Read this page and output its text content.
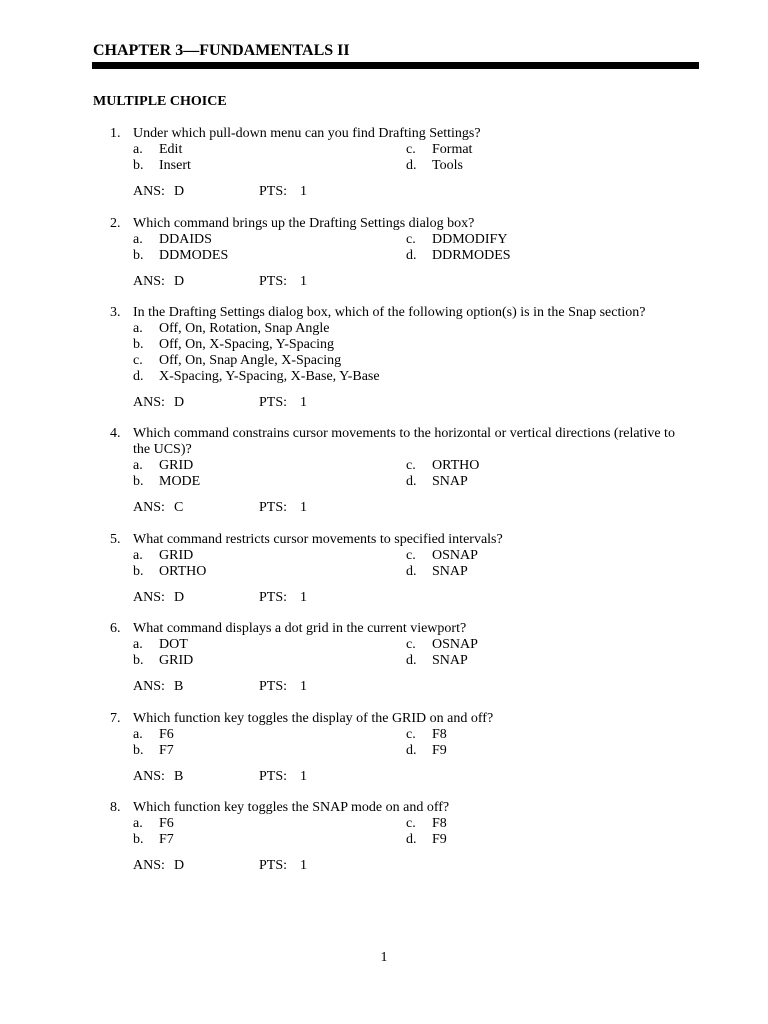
CHAPTER 3—FUNDAMENTALS II
MULTIPLE CHOICE
1. Under which pull-down menu can you find Drafting Settings?
a. Edit
b. Insert
c. Format
d. Tools
ANS: D	PTS: 1
2. Which command brings up the Drafting Settings dialog box?
a. DDAIDS
b. DDMODES
c. DDMODIFY
d. DDRMODES
ANS: D	PTS: 1
3. In the Drafting Settings dialog box, which of the following option(s) is in the Snap section?
a. Off, On, Rotation, Snap Angle
b. Off, On, X-Spacing, Y-Spacing
c. Off, On, Snap Angle, X-Spacing
d. X-Spacing, Y-Spacing, X-Base, Y-Base
ANS: D	PTS: 1
4. Which command constrains cursor movements to the horizontal or vertical directions (relative to the UCS)?
a. GRID
b. MODE
c. ORTHO
d. SNAP
ANS: C	PTS: 1
5. What command restricts cursor movements to specified intervals?
a. GRID
b. ORTHO
c. OSNAP
d. SNAP
ANS: D	PTS: 1
6. What command displays a dot grid in the current viewport?
a. DOT
b. GRID
c. OSNAP
d. SNAP
ANS: B	PTS: 1
7. Which function key toggles the display of the GRID on and off?
a. F6
b. F7
c. F8
d. F9
ANS: B	PTS: 1
8. Which function key toggles the SNAP mode on and off?
a. F6
b. F7
c. F8
d. F9
ANS: D	PTS: 1
1
